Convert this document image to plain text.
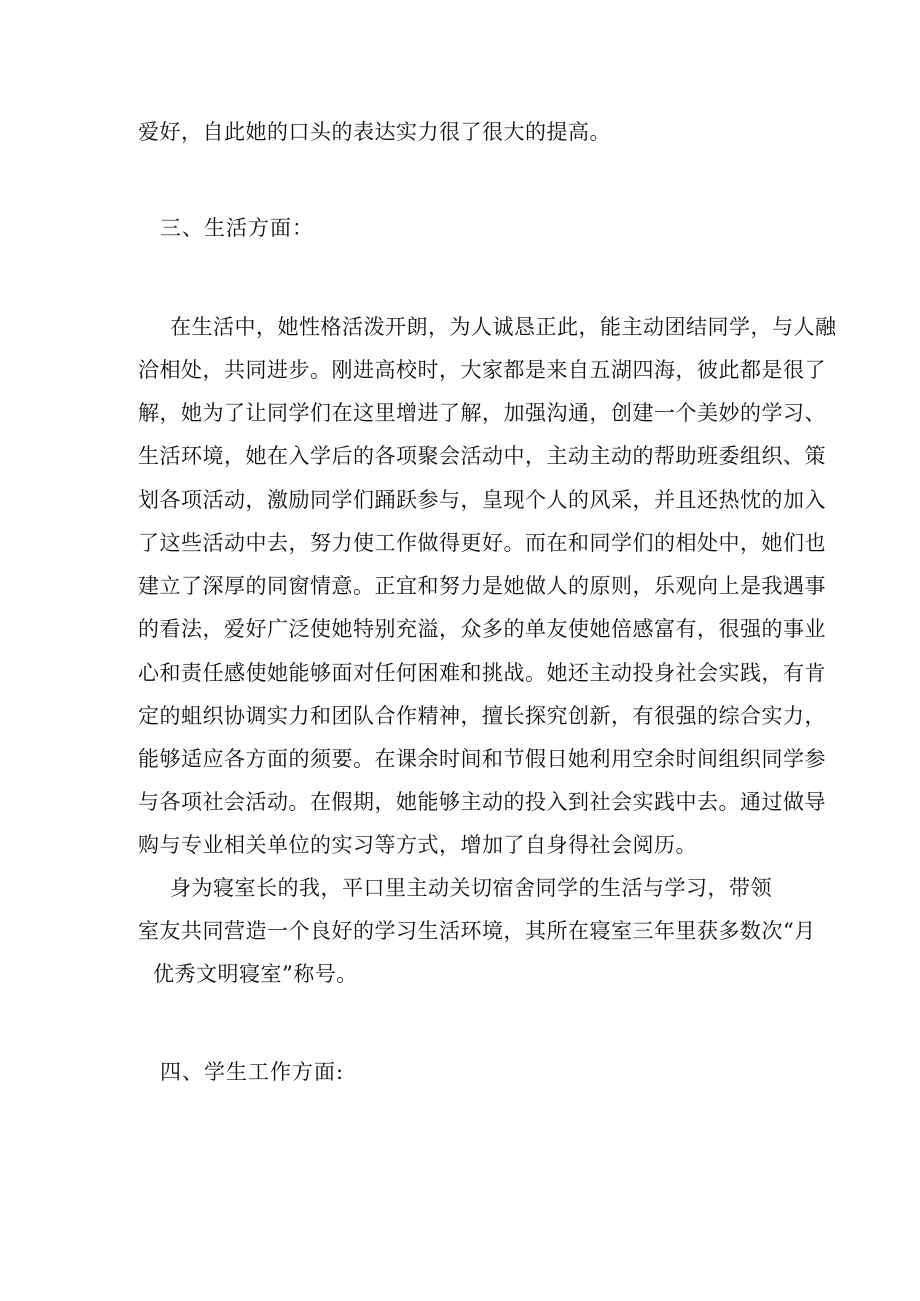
爱好，自此她的口头的表达实力很了很大的提高。
三、生活方面：
在生活中，她性格活泼开朗，为人诚恳正此，能主动团结同学，与人融
洽相处，共同进步。刚进高校时，大家都是来自五湖四海，彼此都是很了
解，她为了让同学们在这里增进了解，加强沟通，创建一个美妙的学习、
生活环境，她在入学后的各项聚会活动中，主动主动的帮助班委组织、策
划各项活动，激励同学们踊跃参与，皇现个人的风采，并且还热忱的加入
了这些活动中去，努力使工作做得更好。而在和同学们的相处中，她们也
建立了深厚的同窗情意。正宜和努力是她做人的原则，乐观向上是我遇事
的看法，爱好广泛使她特别充溢，众多的单友使她倍感富有，很强的事业
心和责任感使她能够面对任何困难和挑战。她还主动投身社会实践，有肯
定的蛆织协调实力和团队合作精神，擅长探究创新，有很强的综合实力，
能够适应各方面的须要。在课余时间和节假日她利用空余时间组织同学参
与各项社会活动。在假期，她能够主动的投入到社会实践中去。通过做导
购与专业相关单位的实习等方式，增加了自身得社会阅历。
身为寝室长的我，平口里主动关切宿舍同学的生活与学习，带领
室友共同营造一个良好的学习生活环境，其所在寝室三年里获多数次“月
优秀文明寝室”称号。
四、学生工作方面:
